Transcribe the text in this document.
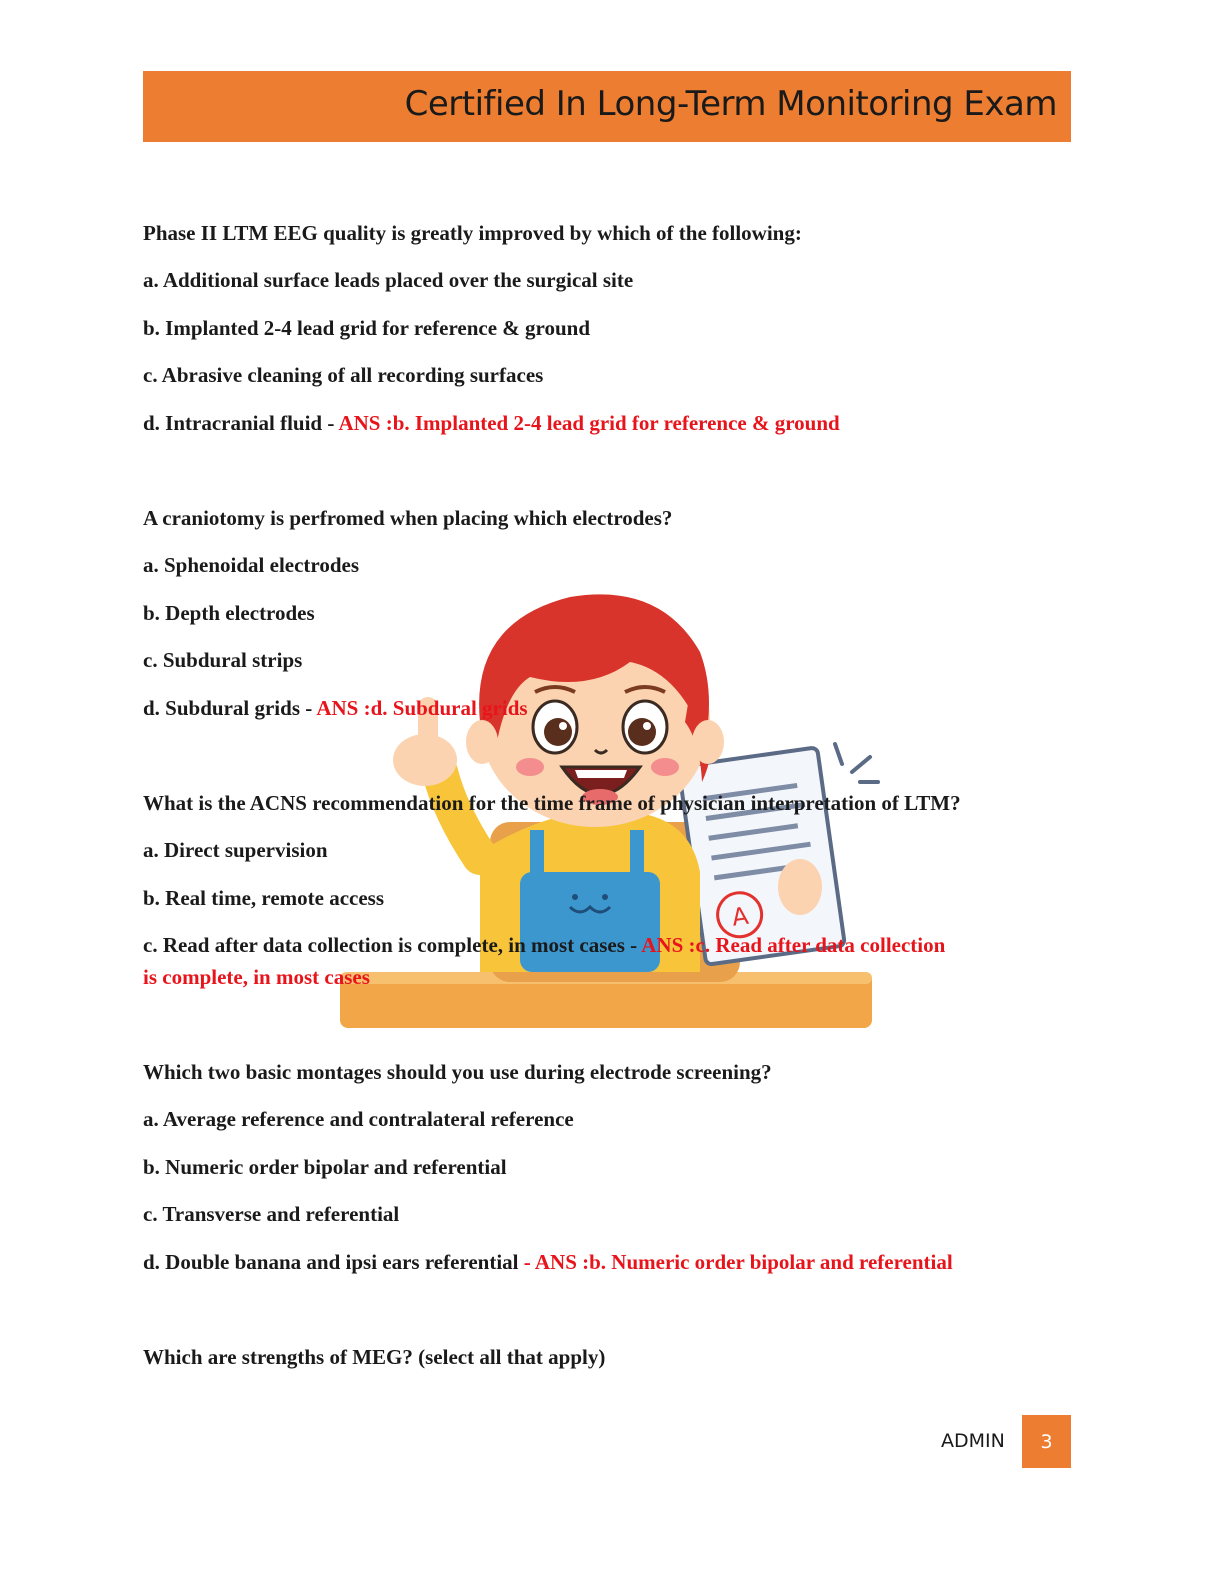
Certified In Long-Term Monitoring Exam
A
Phase II LTM EEG quality is greatly improved by which of the following:
a. Additional surface leads placed over the surgical site
b. Implanted 2-4 lead grid for reference & ground
c. Abrasive cleaning of all recording surfaces
d. Intracranial fluid - ANS :b. Implanted 2-4 lead grid for reference & ground
A craniotomy is perfromed when placing which electrodes?
a. Sphenoidal electrodes
b. Depth electrodes
c. Subdural strips
d. Subdural grids - ANS :d. Subdural grids
What is the ACNS recommendation for the time frame of physician interpretation of LTM?
a. Direct supervision
b. Real time, remote access
c. Read after data collection is complete, in most cases - ANS :c. Read after data collection
is complete, in most cases
Which two basic montages should you use during electrode screening?
a. Average reference and contralateral reference
b. Numeric order bipolar and referential
c. Transverse and referential
d. Double banana and ipsi ears referential - ANS :b. Numeric order bipolar and referential
Which are strengths of MEG? (select all that apply)
ADMIN 3
